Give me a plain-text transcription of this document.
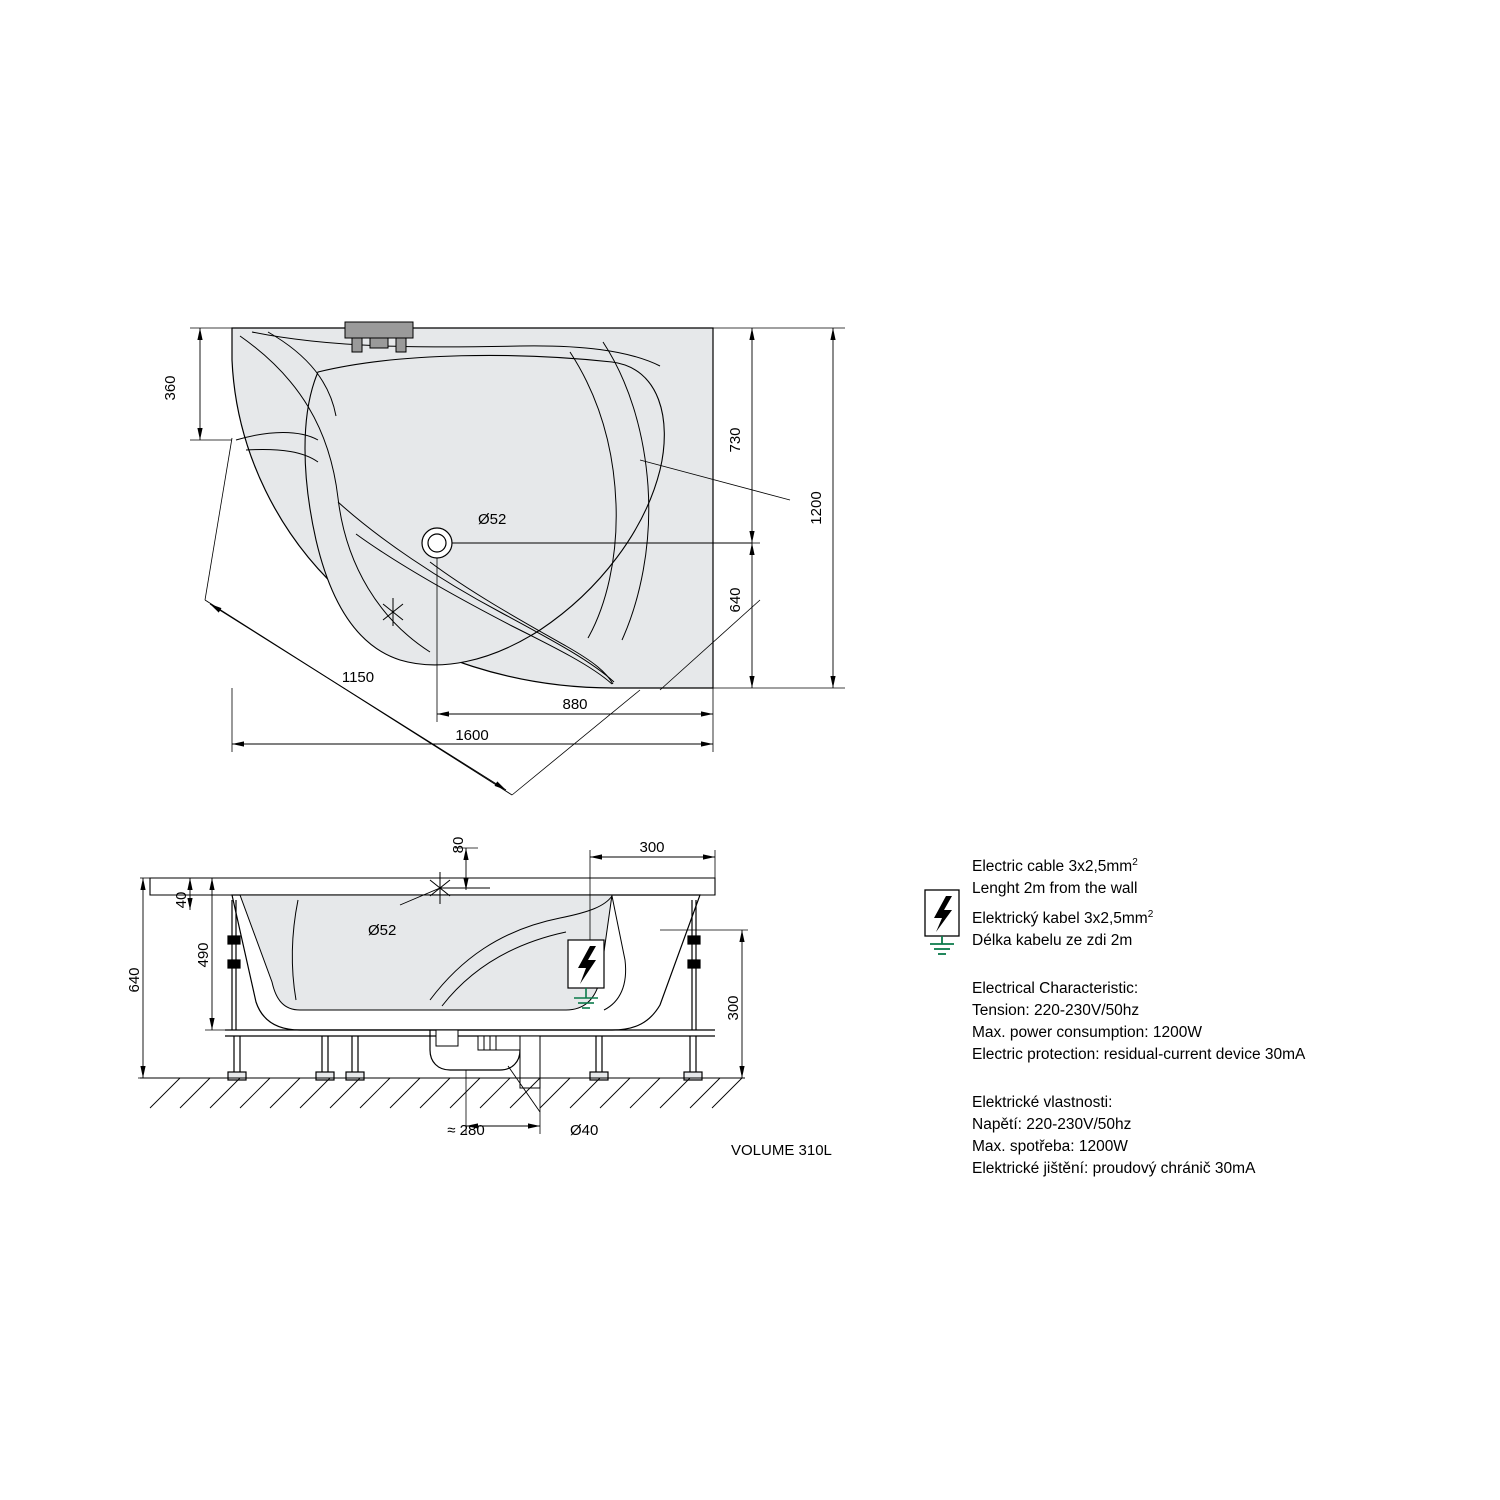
360
730
1200
640
1150
880
1600
Ø52
80	300
40
490
640
300
Ø52
≈ 280	Ø40
VOLUME 310L
Electric cable $3x2,5mm^2$
Lenght 2m from the wall
Elektrický kabel $3x2,5mm^2$
Délka kabelu ze zdi 2m
Electrical Characteristic:
Tension: 220-230V/50hz
Max. power consumption: 1200W
Electric protection: residual-current device 30mA
Elektrické vlastnosti:
Napětí: 220-230V/50hz
Max. spotřeba: 1200W
Elektrické jištění: proudový chránič 30mA
